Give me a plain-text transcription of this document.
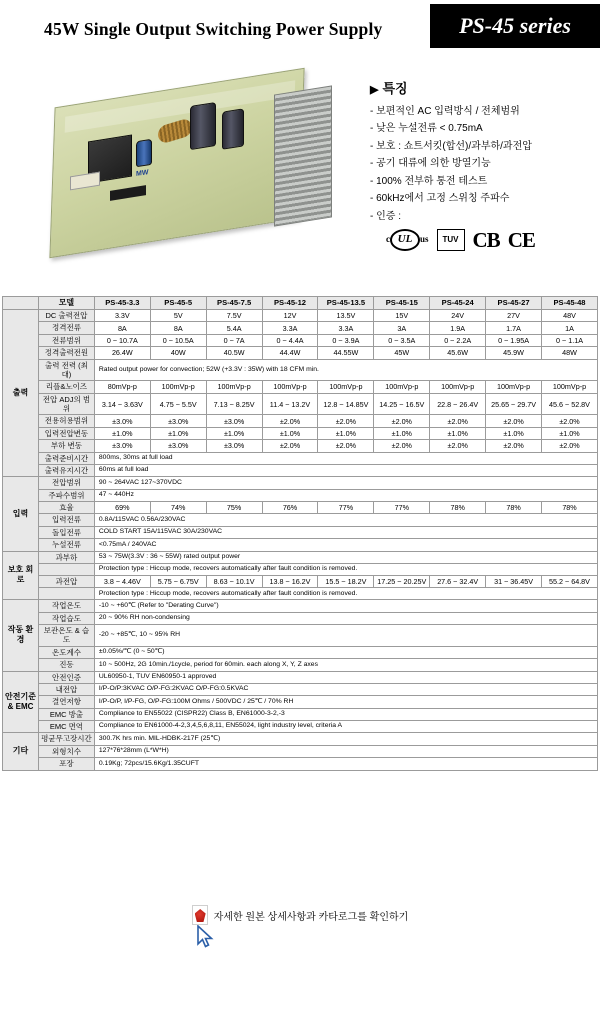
45W Single Output Switching Power Supply	PS-45 series
MW
▶ 특징
- 보편적인 AC 입력방식 / 전체범위
- 낮은 누설전류 < 0.75mA
- 보호 : 쇼트서킷(합선)/과부하/과전압
- 공기 대류에 의한 방열기능
- 100% 전부하 통전 테스트
- 60kHz에서 고정 스위칭 주파수
- 인증 :
c UL us	TUV CB CE
	모델	PS-45-3.3	PS-45-5	PS-45-7.5	PS-45-12	PS-45-13.5	PS-45-15	PS-45-24	PS-45-27	PS-45-48
출력	DC 출력전압	3.3V	5V	7.5V	12V	13.5V	15V	24V	27V	48V
	정격전류	8A	8A	5.4A	3.3A	3.3A	3A	1.9A	1.7A	1A
	전류범위	0 ~ 10.7A	0 ~ 10.5A	0 ~ 7A	0 ~ 4.4A	0 ~ 3.9A	0 ~ 3.5A	0 ~ 2.2A	0 ~ 1.95A	0 ~ 1.1A
	정격출력전원	26.4W	40W	40.5W	44.4W	44.55W	45W	45.6W	45.9W	48W
	출력 전력 (최대)	Rated output power for convection; 52W (+3.3V : 35W) with 18 CFM min.								
	리플&노이즈	80mVp-p	100mVp-p	100mVp-p	100mVp-p	100mVp-p	100mVp-p	100mVp-p	100mVp-p	100mVp-p
	전압 ADJ의 범위	3.14 ~ 3.63V	4.75 ~ 5.5V	7.13 ~ 8.25V	11.4 ~ 13.2V	12.8 ~ 14.85V	14.25 ~ 16.5V	22.8 ~ 26.4V	25.65 ~ 29.7V	45.6 ~ 52.8V
	전용허용범위	±3.0%	±3.0%	±3.0%	±2.0%	±2.0%	±2.0%	±2.0%	±2.0%	±2.0%
	입력전압변동	±1.0%	±1.0%	±1.0%	±1.0%	±1.0%	±1.0%	±1.0%	±1.0%	±1.0%
	부하 변동	±3.0%	±3.0%	±3.0%	±2.0%	±2.0%	±2.0%	±2.0%	±2.0%	±2.0%
	출력준비시간	800ms, 30ms at full load								
	출력유지시간	60ms at full load								
입력	전압범위	90 ~ 264VAC 127~370VDC								
	주파수범위	47 ~ 440Hz								
	효율	69%	74%	75%	76%	77%	77%	78%	78%	78%
	입력전류	0.8A/115VAC 0.56A/230VAC								
	돌입전류	COLD START 15A/115VAC 30A/230VAC								
	누설전류	<0.75mA / 240VAC								
보호 회로	과부하	53 ~ 75W(3.3V : 36 ~ 55W) rated output power								
		Protection type : Hiccup mode, recovers automatically after fault condition is removed.								
	과전압	3.8 ~ 4.46V	5.75 ~ 6.75V	8.63 ~ 10.1V	13.8 ~ 16.2V	15.5 ~ 18.2V	17.25 ~ 20.25V	27.6 ~ 32.4V	31 ~ 36.45V	55.2 ~ 64.8V
		Protection type : Hiccup mode, recovers automatically after fault condition is removed.								
작동 환경	작업온도	-10 ~ +60℃ (Refer to "Derating Curve")								
	작업습도	20 ~ 90% RH non-condensing								
	보관온도 & 습도	-20 ~ +85℃, 10 ~ 95% RH								
	온도계수	±0.05%/℃ (0 ~ 50℃)								
	진동	10 ~ 500Hz, 2G 10min./1cycle, period for 60min. each along X, Y, Z axes								
안전기준 & EMC	안전인증	UL60950-1, TUV EN60950-1 approved								
	내전압	I/P-O/P:3KVAC O/P-FG:2KVAC O/P-FG:0.5KVAC								
	결연저항	I/P-O/P, I/P-FG, O/P-FG:100M Ohms / 500VDC / 25℃ / 70% RH								
	EMC 방출	Compliance to EN55022 (CISPR22) Class B, EN61000-3-2,-3								
	EMC 면역	Compliance to EN61000-4-2,3,4,5,6,8,11, EN55024, light industry level, criteria A								
기타	평균무고장시간	300.7K hrs min. MIL-HDBK-217F (25℃)								
	외형치수	127*76*28mm (L*W*H)								
	포장	0.19Kg; 72pcs/15.6Kg/1.35CUFT								
자세한 원본 상세사항과 카타로그를 확인하기
